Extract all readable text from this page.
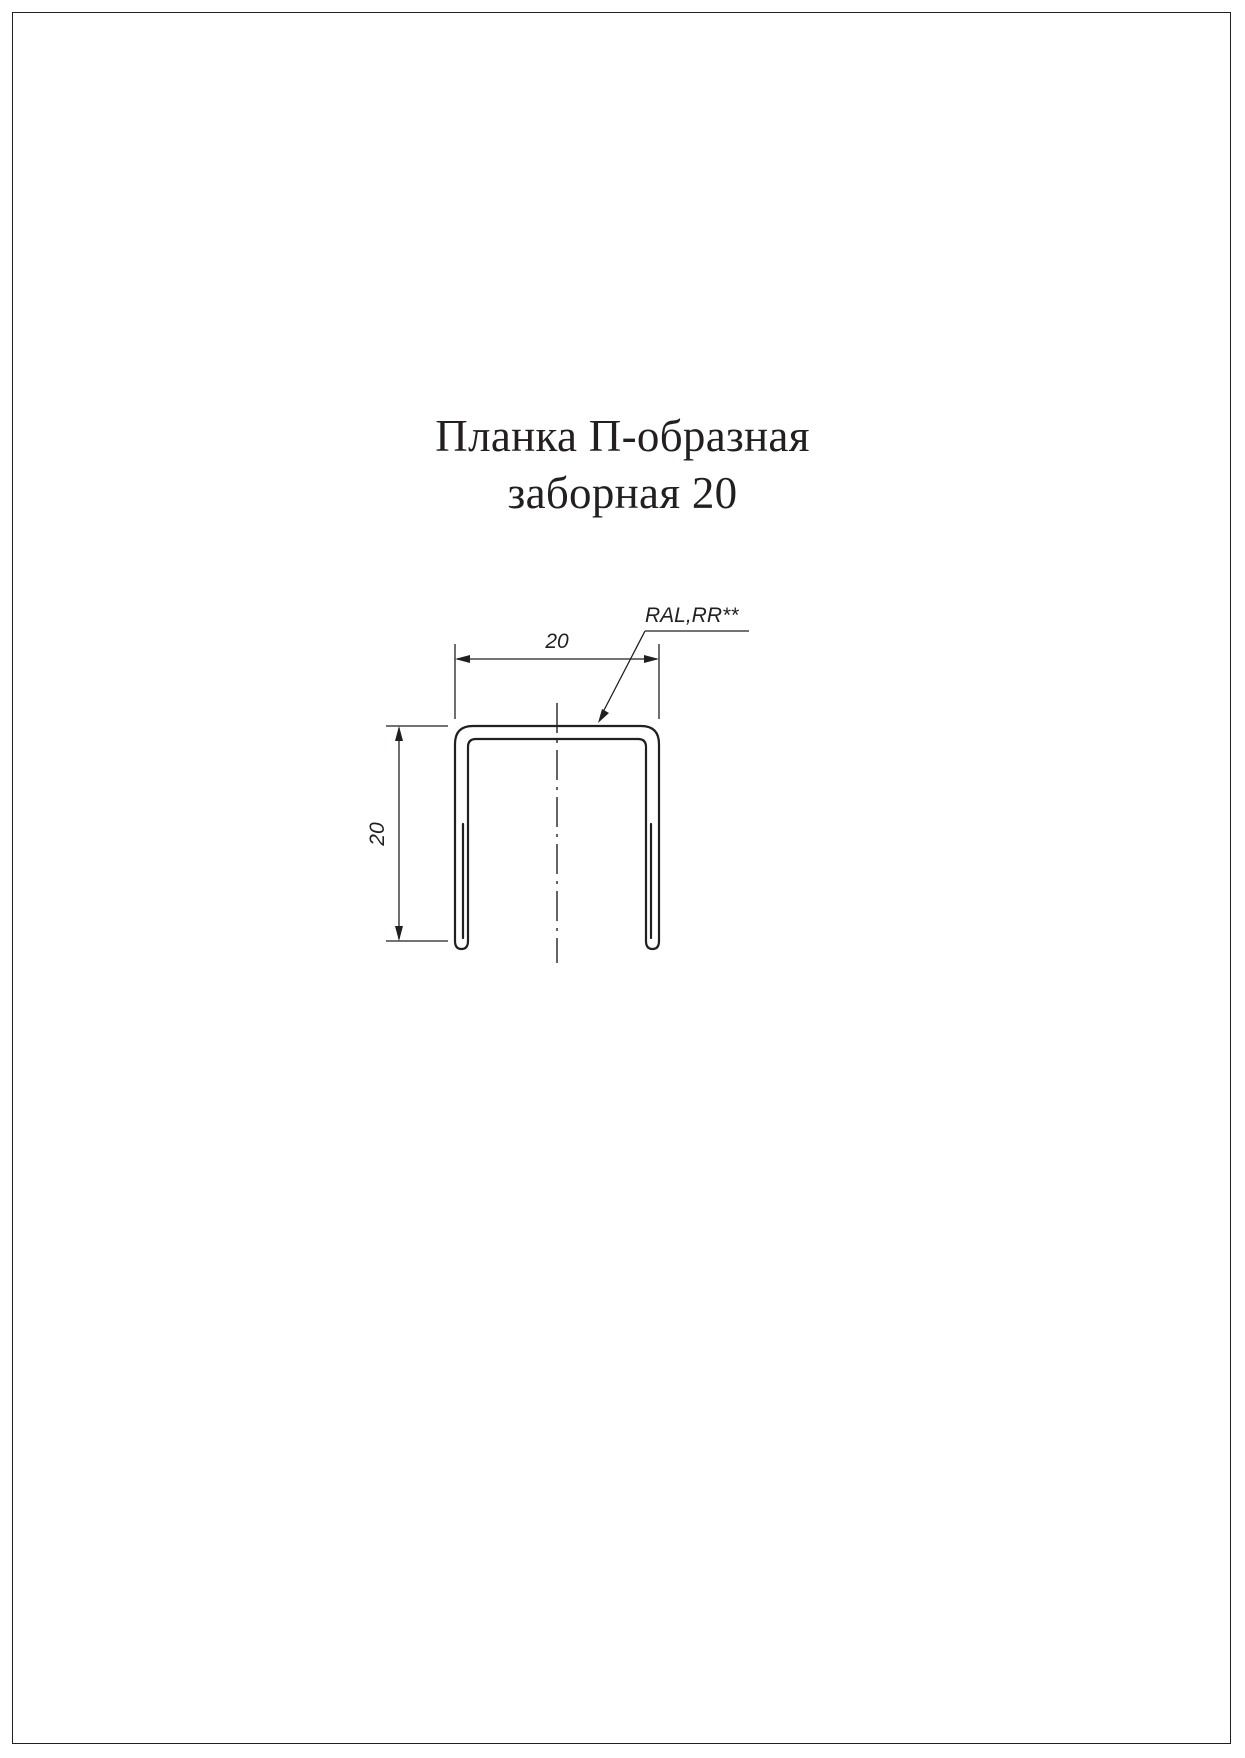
Планка П-образная
заборная 20
20
20
RAL,RR**
